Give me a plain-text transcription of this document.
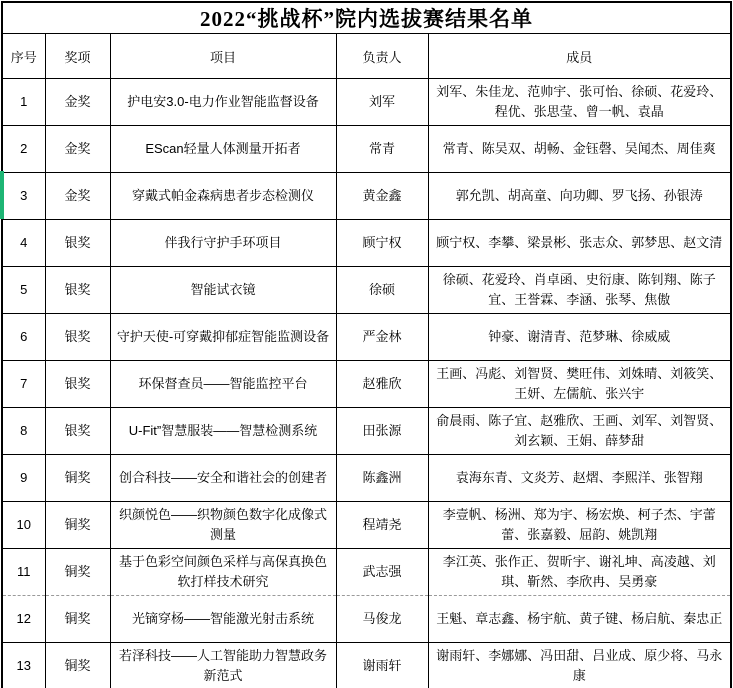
2022“挑战杯”院内选拔赛结果名单				
序号	奖项	项目	负责人	成员
1	金奖	护电安3.0-电力作业智能监督设备	刘军	刘军、朱佳龙、范帅宇、张可怡、徐硕、花爱玲、程优、张思莹、曾一帆、袁晶
2	金奖	EScan轻量人体测量开拓者	常青	常青、陈吴双、胡畅、金钰磬、吴闻杰、周佳爽
3	金奖	穿戴式帕金森病患者步态检测仪	黄金鑫	郭允凯、胡高童、向功卿、罗飞扬、孙银涛
4	银奖	伴我行守护手环项目	顾宁权	顾宁权、李攀、梁景彬、张志众、郭梦思、赵文清
5	银奖	智能试衣镜	徐硕	徐硕、花爱玲、肖卓函、史衍康、陈钊翔、陈子宜、王誉霖、李涵、张琴、焦傲
6	银奖	守护天使-可穿戴抑郁症智能监测设备	严金林	钟豪、谢清青、范梦琳、徐威威
7	银奖	环保督查员——智能监控平台	赵雅欣	王画、冯彪、刘智贤、樊旺伟、刘姝晴、刘筱笑、王妍、左儒航、张兴宇
8	银奖	U-Fit”智慧服装——智慧检测系统	田张源	俞晨雨、陈子宜、赵雅欣、王画、刘军、刘智贤、刘玄颖、王娟、薛梦甜
9	铜奖	创合科技——安全和谐社会的创建者	陈鑫洲	袁海东青、文炎芳、赵熠、李熙洋、张智翔
10	铜奖	织颜悦色——织物颜色数字化成像式测量	程靖尧	李壹帆、杨洲、郑为宇、杨宏焕、柯子杰、宇蕾蕾、张嘉毅、屈韵、姚凯翔
11	铜奖	基于色彩空间颜色采样与高保真换色软打样技术研究	武志强	李江英、张作正、贺昕宇、谢礼坤、高凌越、刘琪、靳然、李欣冉、吴勇豪
12	铜奖	光镝穿杨——智能激光射击系统	马俊龙	王魁、章志鑫、杨宇航、黄子键、杨启航、秦忠正
13	铜奖	若泽科技——人工智能助力智慧政务新范式	谢雨轩	谢雨轩、李娜娜、冯田甜、吕业成、原少将、马永康
